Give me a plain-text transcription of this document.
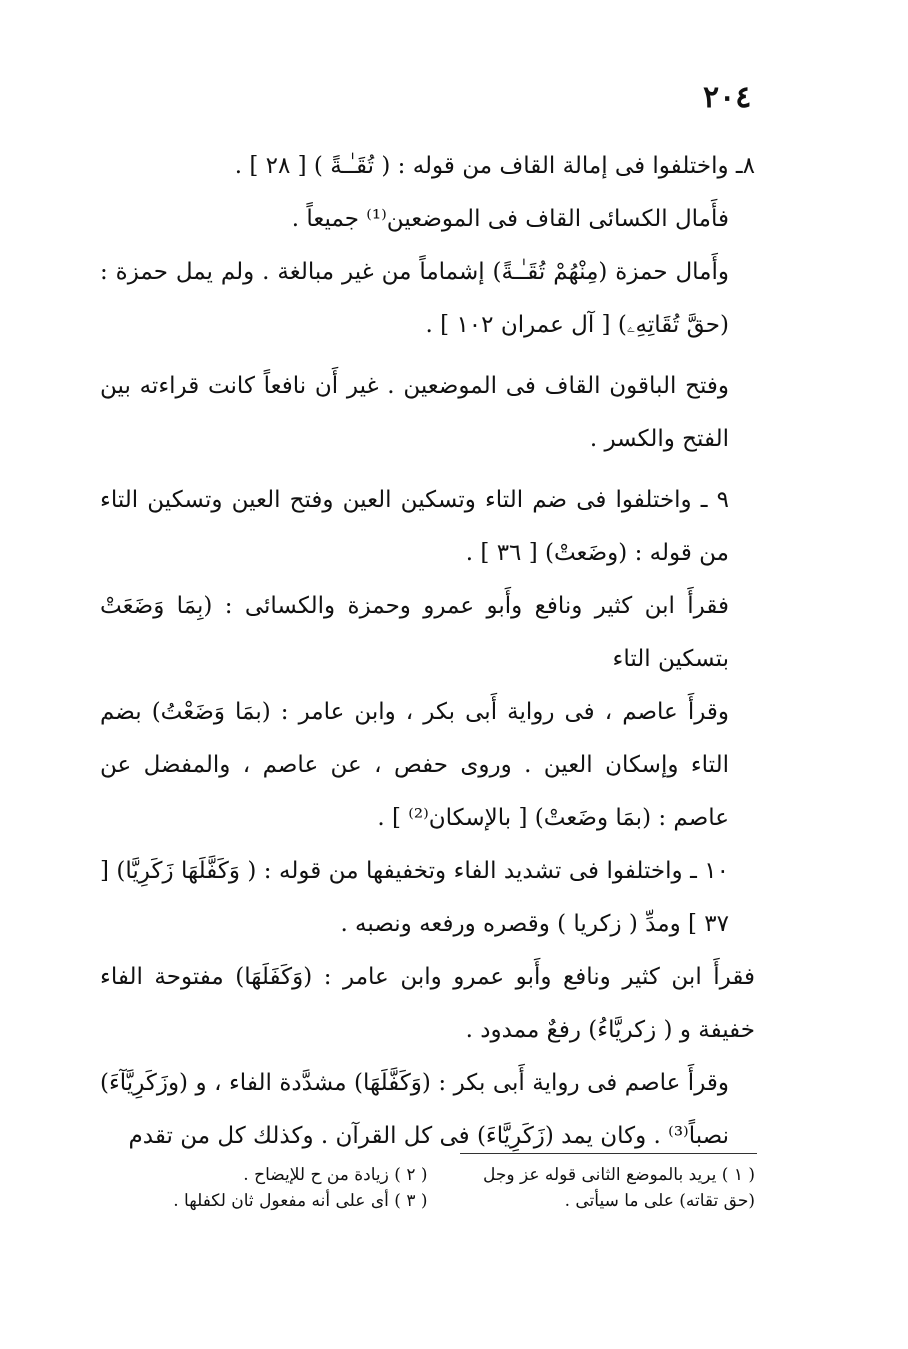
٢٠٤

٨ـ واختلفوا فى إمالة القاف من قوله : ( تُقَـٰـةً ) [ ٢٨ ] .

فأَمال الكسائى القاف فى الموضعين⁽¹⁾ جميعاً .

وأَمال حمزة (مِنْهُمْ تُقَـٰـةً) إشماماً من غير مبالغة . ولم يمل حمزة : (حقَّ تُقَاتِهِۦ) [ آل عمران ١٠٢ ] .

وفتح الباقون القاف فى الموضعين . غير أَن نافعاً كانت قراءته بين الفتح والكسر .

٩ ـ واختلفوا فى ضم التاء وتسكين العين وفتح العين وتسكين التاء من قوله : (وضَعتْ) [ ٣٦ ] .

فقرأَ ابن كثير ونافع وأَبو عمرو وحمزة والكسائى : (بِمَا وَضَعَتْ بتسكين التاء

وقرأَ عاصم ، فى رواية أَبى بكر ، وابن عامر : (بمَا وَضَعْتُ) بضم التاء وإسكان العين . وروى حفص ، عن عاصم ، والمفضل عن عاصم : (بمَا وضَعتْ) [ بالإسكان⁽²⁾ ] .

١٠ ـ واختلفوا فى تشديد الفاء وتخفيفها من قوله : ( وَكَفَّلَهَا زَكَرِيَّا) [ ٣٧ ] ومدِّ ( زكريا ) وقصره ورفعه ونصبه .

فقرأَ ابن كثير ونافع وأَبو عمرو وابن عامر : (وَكَفَلَهَا) مفتوحة الفاء خفيفة و ( زكريَّاءُ) رفعٌ ممدود .

وقرأَ عاصم فى رواية أَبى بكر : (وَكَفَّلَهَا) مشدَّدة الفاء ، و (وزَكَرِيَّآءَ) نصباً⁽³⁾ . وكان يمد (زَكَرِيَّاءَ) فى كل القرآن . وكذلك كل من تقدم

( ١ ) يريد بالموضع الثانى قوله عز وجل
( ٢ ) زيادة من ح للإيضاح .
(حق تقاته) على ما سيأتى .
( ٣ ) أى على أنه مفعول ثان لكفلها .
